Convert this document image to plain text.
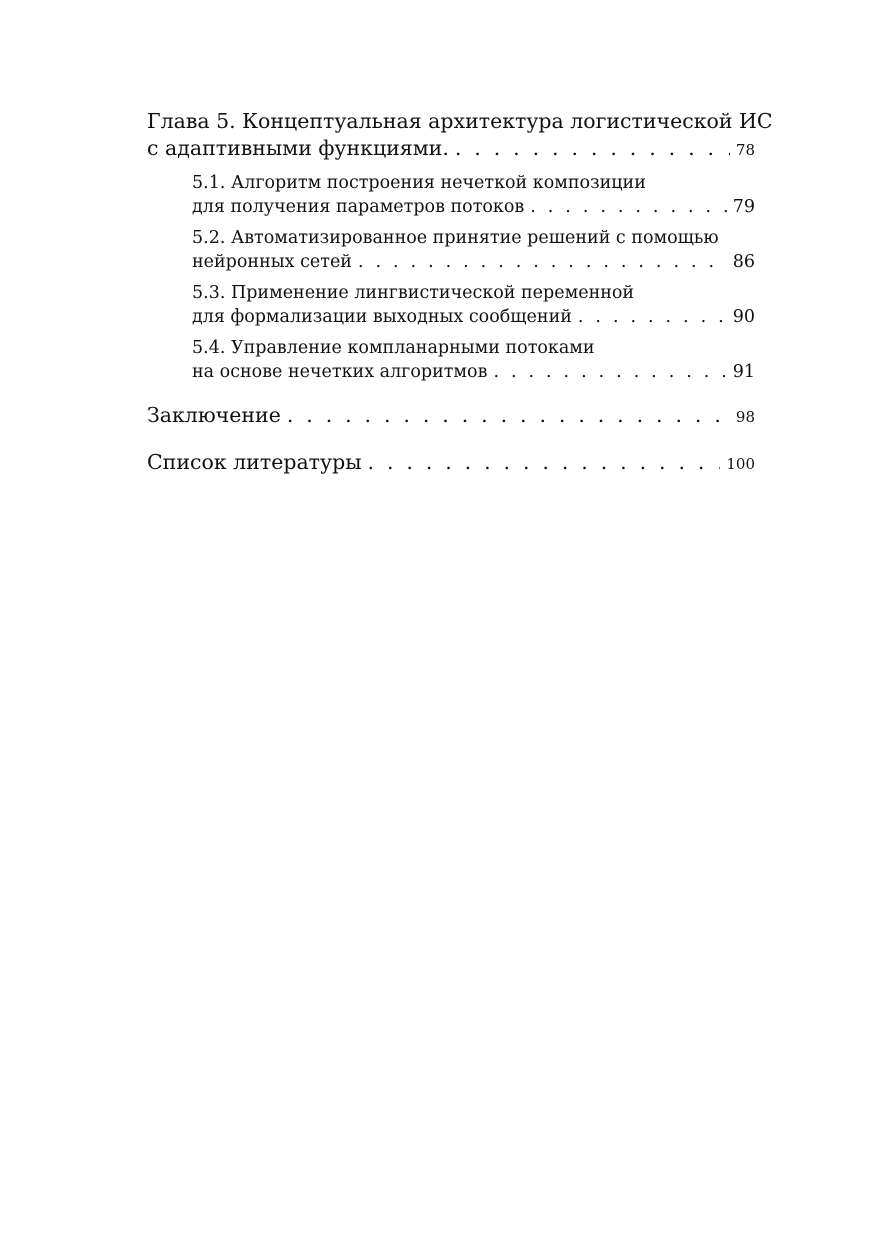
Глава 5. Концептуальная архитектура логистической ИС
с адаптивными функциями. . . .	78
5.1. Алгоритм построения нечеткой композиции
для получения параметров потоков . . .	79
5.2. Автоматизированное принятие решений с помощью
нейронных сетей . . .	86
5.3. Применение лингвистической переменной
для формализации выходных сообщений . . .	90
5.4. Управление компланарными потоками
на основе нечетких алгоритмов . . .	91
Заключение . . .	98
Список литературы . . .	100
